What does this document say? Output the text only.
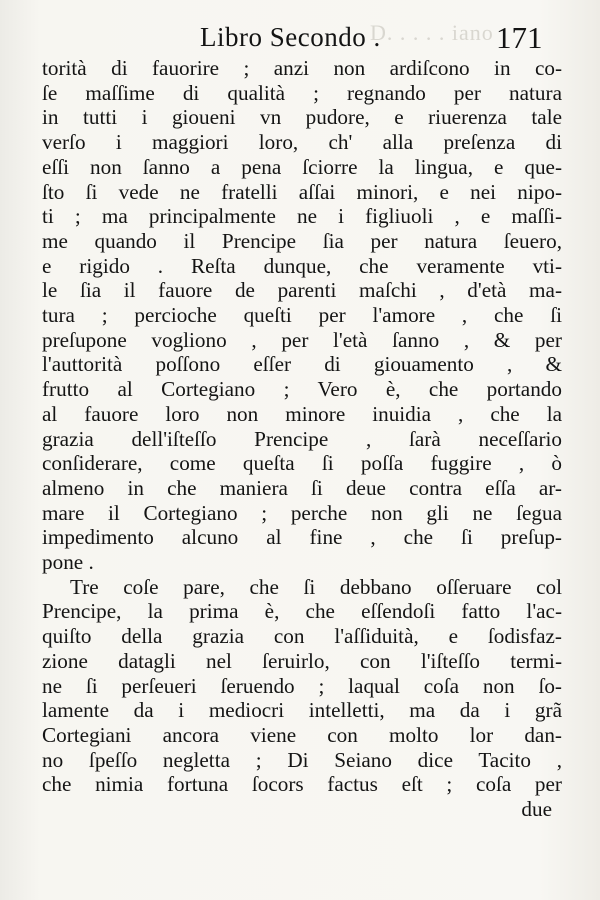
D. . . . . iano
Libro Secondo .	171
torità di fauorire ; anzi non ardiſcono in co-
ſe maſſime di qualità ; regnando per natura
in tutti i gioueni vn pudore, e riuerenza tale
verſo i maggiori loro, ch' alla preſenza di
eſſi non ſanno a pena ſciorre la lingua, e que-
ſto ſi vede ne fratelli aſſai minori, e nei nipo-
ti ; ma principalmente ne i figliuoli , e maſſi-
me quando il Prencipe ſia per natura ſeuero,
e rigido . Reſta dunque, che veramente vti-
le ſia il fauore de parenti maſchi , d'età ma-
tura ; percioche queſti per l'amore , che ſi
preſupone vogliono , per l'età ſanno , & per
l'auttorità poſſono eſſer di giouamento , &
frutto al Cortegiano ; Vero è, che portando
al fauore loro non minore inuidia , che la
grazia dell'iſteſſo Prencipe , ſarà neceſſario
conſiderare, come queſta ſi poſſa fuggire , ò
almeno in che maniera ſi deue contra eſſa ar-
mare il Cortegiano ; perche non gli ne ſegua
impedimento alcuno al fine , che ſi preſup-
pone .
Tre coſe pare, che ſi debbano oſſeruare col
Prencipe, la prima è, che eſſendoſi fatto l'ac-
quiſto della grazia con l'aſſiduità, e ſodisfaz-
zione datagli nel ſeruirlo, con l'iſteſſo termi-
ne ſi perſeueri ſeruendo ; laqual coſa non ſo-
lamente da i mediocri intelletti, ma da i grã
Cortegiani ancora viene con molto lor dan-
no ſpeſſo negletta ; Di Seiano dice Tacito ,
che nimia fortuna ſocors factus eſt ; coſa per
due
